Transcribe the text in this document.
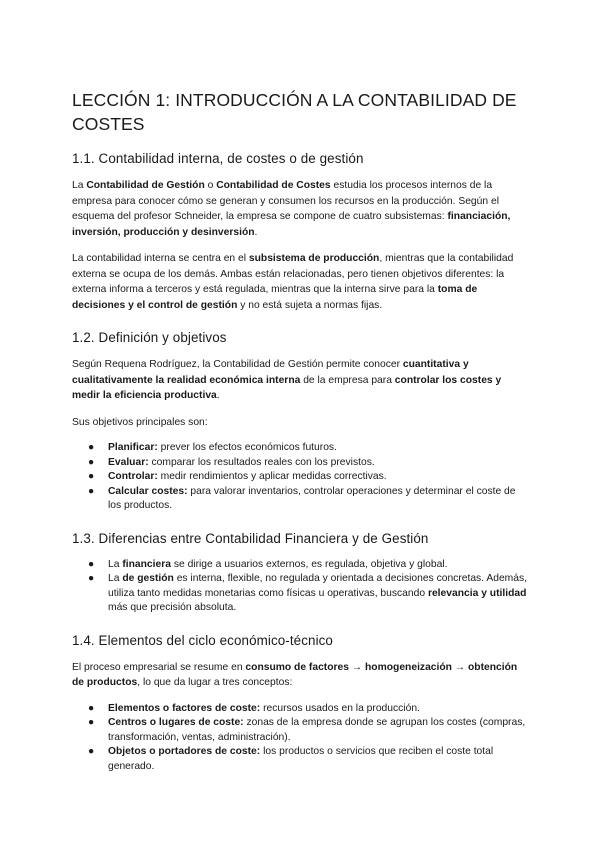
LECCIÓN 1: INTRODUCCIÓN A LA CONTABILIDAD DE COSTES
1.1. Contabilidad interna, de costes o de gestión

La Contabilidad de Gestión o Contabilidad de Costes estudia los procesos internos de la empresa para conocer cómo se generan y consumen los recursos en la producción. Según el esquema del profesor Schneider, la empresa se compone de cuatro subsistemas: financiación, inversión, producción y desinversión.

La contabilidad interna se centra en el subsistema de producción, mientras que la contabilidad externa se ocupa de los demás. Ambas están relacionadas, pero tienen objetivos diferentes: la externa informa a terceros y está regulada, mientras que la interna sirve para la toma de decisiones y el control de gestión y no está sujeta a normas fijas.

1.2. Definición y objetivos

Según Requena Rodríguez, la Contabilidad de Gestión permite conocer cuantitativa y cualitativamente la realidad económica interna de la empresa para controlar los costes y medir la eficiencia productiva.

Sus objetivos principales son:

● Planificar: prever los efectos económicos futuros.
● Evaluar: comparar los resultados reales con los previstos.
● Controlar: medir rendimientos y aplicar medidas correctivas.
● Calcular costes: para valorar inventarios, controlar operaciones y determinar el coste de los productos.
1.3. Diferencias entre Contabilidad Financiera y de Gestión
● La financiera se dirige a usuarios externos, es regulada, objetiva y global.
● La de gestión es interna, flexible, no regulada y orientada a decisiones concretas. Además, utiliza tanto medidas monetarias como físicas u operativas, buscando relevancia y utilidad más que precisión absoluta.
1.4. Elementos del ciclo económico-técnico

El proceso empresarial se resume en consumo de factores → homogeneización → obtención de productos, lo que da lugar a tres conceptos:

● Elementos o factores de coste: recursos usados en la producción.
● Centros o lugares de coste: zonas de la empresa donde se agrupan los costes (compras, transformación, ventas, administración).
● Objetos o portadores de coste: los productos o servicios que reciben el coste total generado.
